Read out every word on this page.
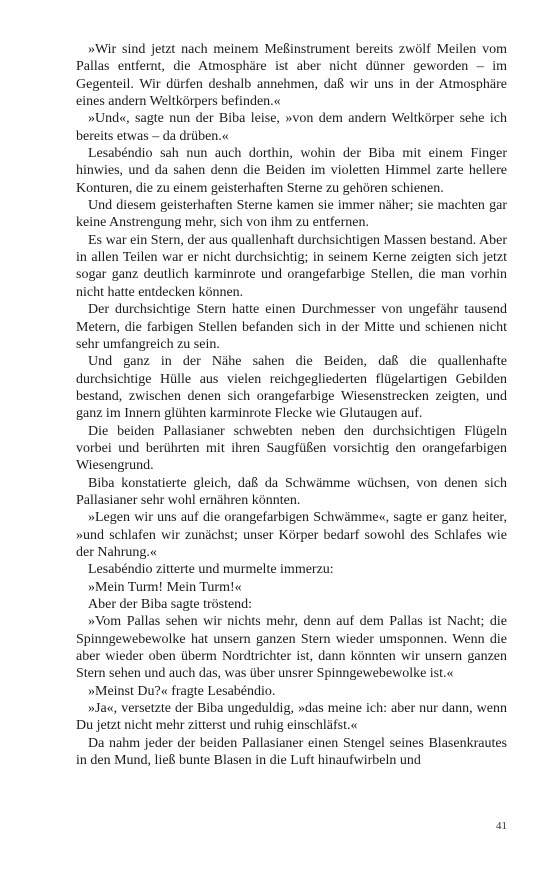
»Wir sind jetzt nach meinem Meßinstrument bereits zwölf Meilen vom Pallas entfernt, die Atmosphäre ist aber nicht dünner geworden – im Gegenteil. Wir dürfen deshalb annehmen, daß wir uns in der Atmosphäre eines andern Weltkörpers befinden.«

»Und«, sagte nun der Biba leise, »von dem andern Weltkörper sehe ich bereits etwas – da drüben.«

Lesabéndio sah nun auch dorthin, wohin der Biba mit einem Finger hinwies, und da sahen denn die Beiden im violetten Himmel zarte hellere Konturen, die zu einem geisterhaften Sterne zu gehören schienen.

Und diesem geisterhaften Sterne kamen sie immer näher; sie machten gar keine Anstrengung mehr, sich von ihm zu entfernen.

Es war ein Stern, der aus quallenhaft durchsichtigen Massen bestand. Aber in allen Teilen war er nicht durchsichtig; in seinem Kerne zeigten sich jetzt sogar ganz deutlich karminrote und orangefarbige Stellen, die man vorhin nicht hatte entdecken können.

Der durchsichtige Stern hatte einen Durchmesser von ungefähr tausend Metern, die farbigen Stellen befanden sich in der Mitte und schienen nicht sehr umfangreich zu sein.

Und ganz in der Nähe sahen die Beiden, daß die quallenhafte durchsichtige Hülle aus vielen reichgegliederten flügelartigen Gebilden bestand, zwischen denen sich orangefarbige Wiesenstrecken zeigten, und ganz im Innern glühten karminrote Flecke wie Glutaugen auf.

Die beiden Pallasianer schwebten neben den durchsichtigen Flügeln vorbei und berührten mit ihren Saugfüßen vorsichtig den orangefarbigen Wiesengrund.

Biba konstatierte gleich, daß da Schwämme wüchsen, von denen sich Pallasianer sehr wohl ernähren könnten.

»Legen wir uns auf die orangefarbigen Schwämme«, sagte er ganz heiter, »und schlafen wir zunächst; unser Körper bedarf sowohl des Schlafes wie der Nahrung.«

Lesabéndio zitterte und murmelte immerzu:

»Mein Turm! Mein Turm!«

Aber der Biba sagte tröstend:

»Vom Pallas sehen wir nichts mehr, denn auf dem Pallas ist Nacht; die Spinngewebewolke hat unsern ganzen Stern wieder umsponnen. Wenn die aber wieder oben überm Nordtrichter ist, dann könnten wir unsern ganzen Stern sehen und auch das, was über unsrer Spinngewebewolke ist.«

»Meinst Du?« fragte Lesabéndio.

»Ja«, versetzte der Biba ungeduldig, »das meine ich: aber nur dann, wenn Du jetzt nicht mehr zitterst und ruhig einschläfst.«

Da nahm jeder der beiden Pallasianer einen Stengel seines Blasenkrautes in den Mund, ließ bunte Blasen in die Luft hinaufwirbeln und

41
